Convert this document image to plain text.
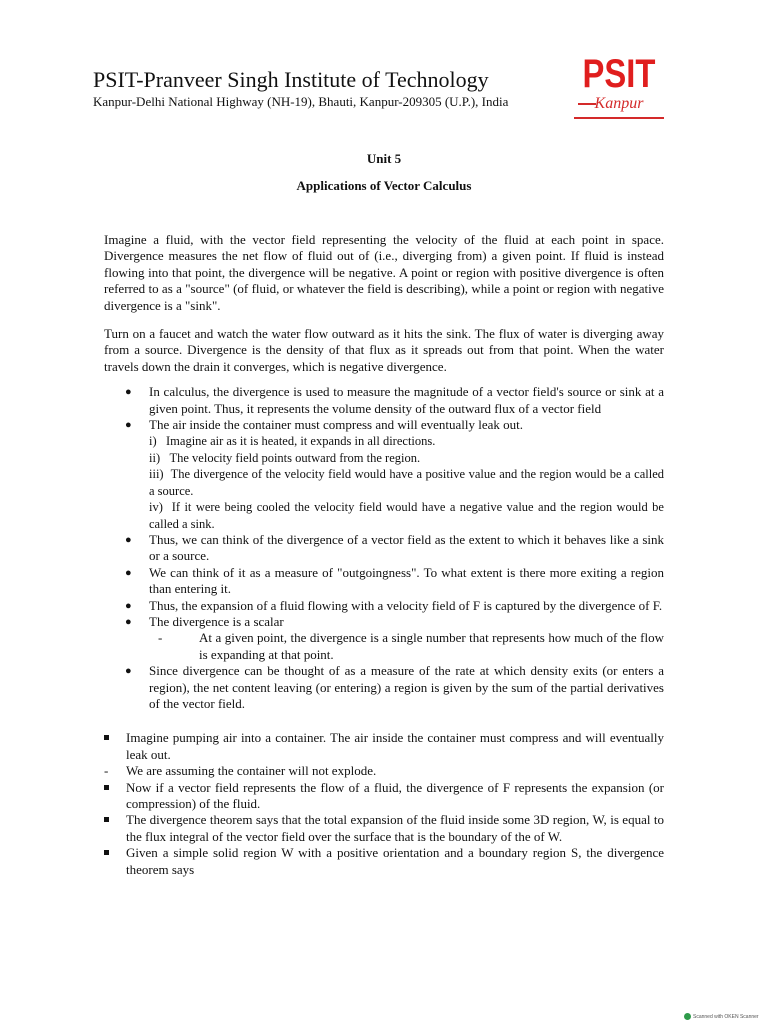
PSIT-Pranveer Singh Institute of Technology
Kanpur-Delhi National Highway (NH-19), Bhauti, Kanpur-209305 (U.P.), India
PSIT
Kanpur
Unit 5
Applications of Vector Calculus

Imagine a fluid, with the vector field representing the velocity of the fluid at each point in space. Divergence measures the net flow of fluid out of (i.e., diverging from) a given point. If fluid is instead flowing into that point, the divergence will be negative. A point or region with positive divergence is often referred to as a "source" (of fluid, or whatever the field is describing), while a point or region with negative divergence is a "sink".

Turn on a faucet and watch the water flow outward as it hits the sink. The flux of water is diverging away from a source. Divergence is the density of that flux as it spreads out from that point. When the water travels down the drain it converges, which is negative divergence.

● In calculus, the divergence is used to measure the magnitude of a vector field's source or sink at a given point. Thus, it represents the volume density of the outward flux of a vector field
● The air inside the container must compress and will eventually leak out.
i)   Imagine air as it is heated, it expands in all directions.
ii)   The velocity field points outward from the region.
iii)  The divergence of the velocity field would have a positive value and the region would be a called a source.
iv)  If it were being cooled the velocity field would have a negative value and the region would be called a sink.
● Thus, we can think of the divergence of a vector field as the extent to which it behaves like a sink or a source.
● We can think of it as a measure of "outgoingness". To what extent is there more exiting a region than entering it.
● Thus, the expansion of a fluid flowing with a velocity field of F is captured by the divergence of F.
● The divergence is a scalar
-	At a given point, the divergence is a single number that represents how much of the flow is expanding at that point.
● Since divergence can be thought of as a measure of the rate at which density exits (or enters a region), the net content leaving (or entering) a region is given by the sum of the partial derivatives of the vector field.
Imagine pumping air into a container. The air inside the container must compress and will eventually leak out.
- We are assuming the container will not explode.
Now if a vector field represents the flow of a fluid, the divergence of F represents the expansion (or compression) of the fluid.
The divergence theorem says that the total expansion of the fluid inside some 3D region, W, is equal to the flux integral of the vector field over the surface that is the boundary of the of W.
Given a simple solid region W with a positive orientation and a boundary region S, the divergence theorem says
Scanned with OKEN Scanner
